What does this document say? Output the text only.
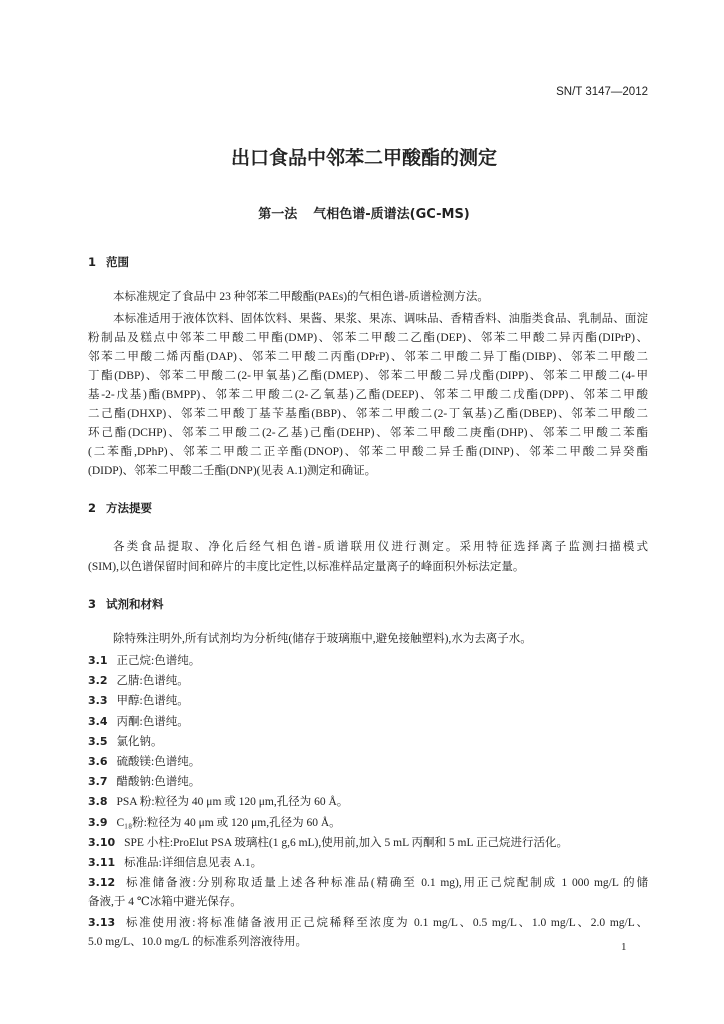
SN/T 3147—2012
出口食品中邻苯二甲酸酯的测定
第一法 气相色谱-质谱法(GC-MS)
1 范围
本标准规定了食品中 23 种邻苯二甲酸酯(PAEs)的气相色谱-质谱检测方法。
本标准适用于液体饮料、固体饮料、果酱、果浆、果冻、调味品、香精香料、油脂类食品、乳制品、面淀
粉制品及糕点中邻苯二甲酸二甲酯(DMP)、邻苯二甲酸二乙酯(DEP)、邻苯二甲酸二异丙酯(DIPrP)、
邻苯二甲酸二烯丙酯(DAP)、邻苯二甲酸二丙酯(DPrP)、邻苯二甲酸二异丁酯(DIBP)、邻苯二甲酸二
丁酯(DBP)、邻苯二甲酸二(2-甲氧基)乙酯(DMEP)、邻苯二甲酸二异戊酯(DIPP)、邻苯二甲酸二(4-甲
基-2-戊基)酯(BMPP)、邻苯二甲酸二(2-乙氧基)乙酯(DEEP)、邻苯二甲酸二戊酯(DPP)、邻苯二甲酸
二己酯(DHXP)、邻苯二甲酸丁基苄基酯(BBP)、邻苯二甲酸二(2-丁氧基)乙酯(DBEP)、邻苯二甲酸二
环己酯(DCHP)、邻苯二甲酸二(2-乙基)己酯(DEHP)、邻苯二甲酸二庚酯(DHP)、邻苯二甲酸二苯酯
(二苯酯,DPhP)、邻苯二甲酸二正辛酯(DNOP)、邻苯二甲酸二异壬酯(DINP)、邻苯二甲酸二异癸酯
(DIDP)、邻苯二甲酸二壬酯(DNP)(见表 A.1)测定和确证。
2 方法提要
各类食品提取、净化后经气相色谱-质谱联用仪进行测定。采用特征选择离子监测扫描模式
(SIM),以色谱保留时间和碎片的丰度比定性,以标准样品定量离子的峰面积外标法定量。
3 试剂和材料
除特殊注明外,所有试剂均为分析纯(储存于玻璃瓶中,避免接触塑料),水为去离子水。
3.1 正己烷:色谱纯。
3.2 乙腈:色谱纯。
3.3 甲醇:色谱纯。
3.4 丙酮:色谱纯。
3.5 氯化钠。
3.6 硫酸镁:色谱纯。
3.7 醋酸钠:色谱纯。
3.8 PSA 粉:粒径为 40 μm 或 120 μm,孔径为 60 Å。
3.9 C₁₈粉:粒径为 40 μm 或 120 μm,孔径为 60 Å。
3.10 SPE 小柱:ProElut PSA 玻璃柱(1 g,6 mL),使用前,加入 5 mL 丙酮和 5 mL 正己烷进行活化。
3.11 标准品:详细信息见表 A.1。
3.12 标准储备液:分别称取适量上述各种标准品(精确至 0.1 mg),用正己烷配制成 1 000 mg/L 的储
备液,于 4 ℃冰箱中避光保存。
3.13 标准使用液:将标准储备液用正己烷稀释至浓度为 0.1 mg/L、0.5 mg/L、1.0 mg/L、2.0 mg/L、
5.0 mg/L、10.0 mg/L 的标准系列溶液待用。	1
